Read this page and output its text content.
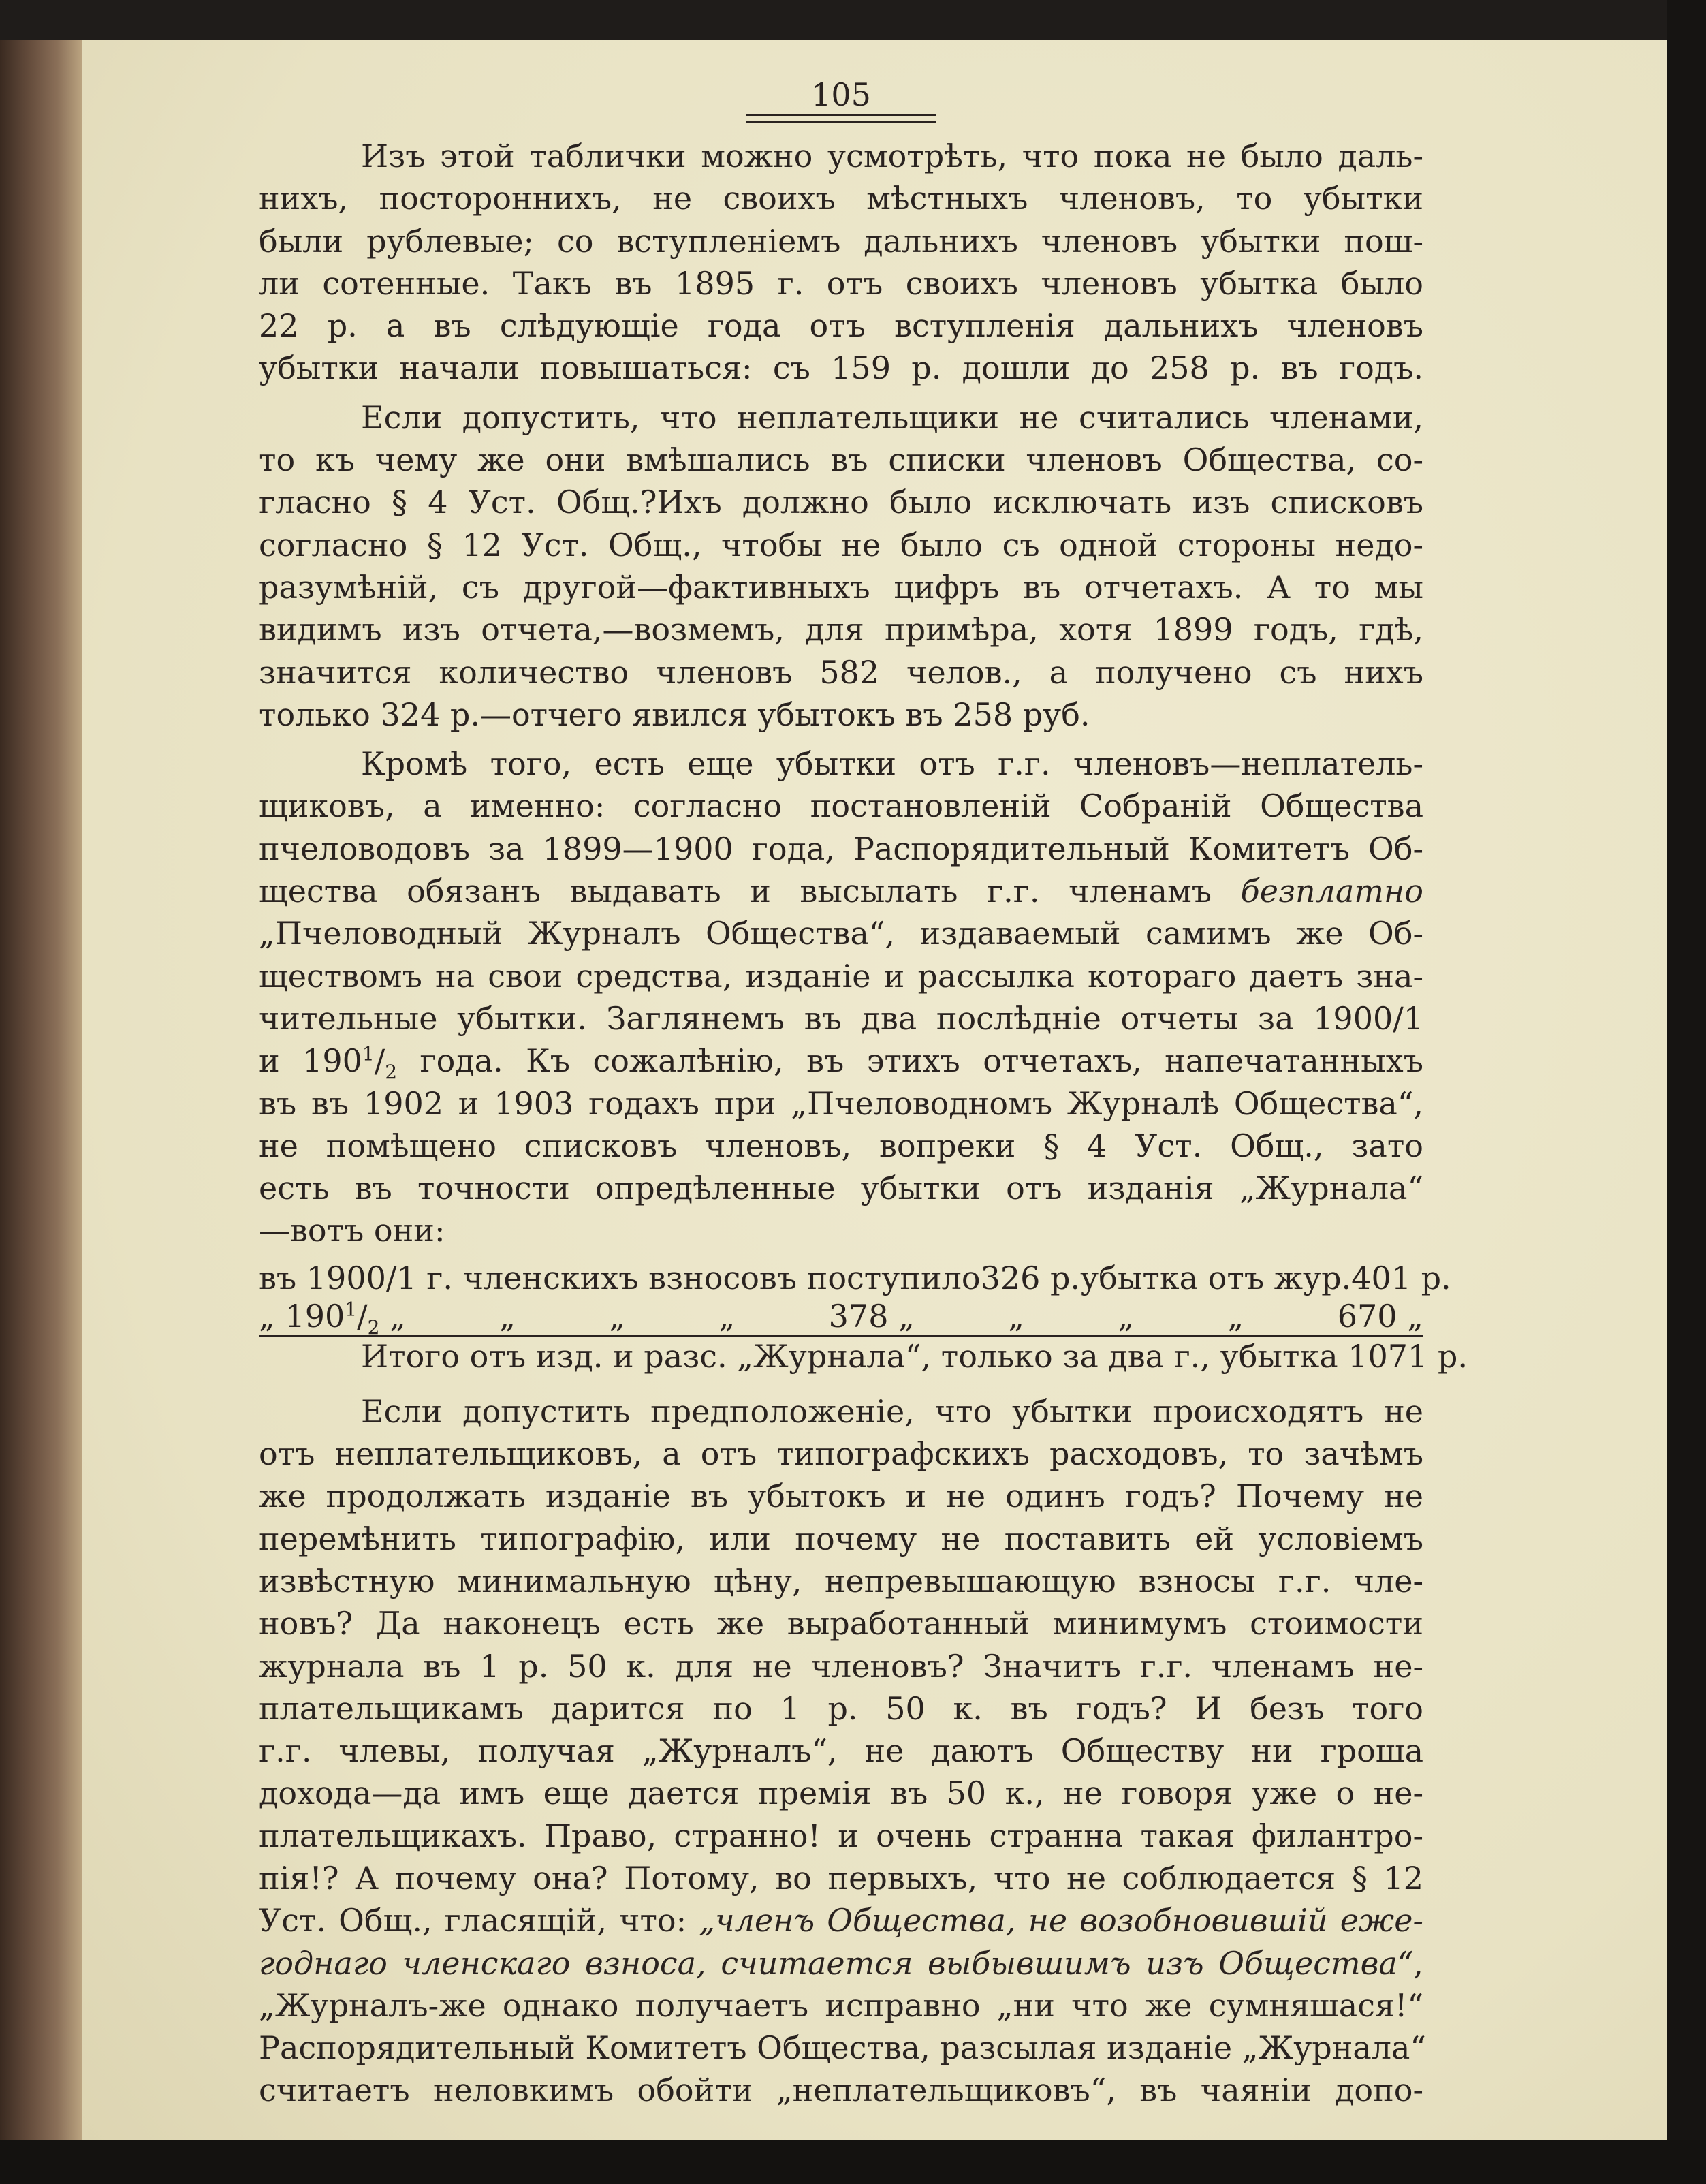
105
Изъ этой таблички можно усмотрѣть, что пока не было даль-
нихъ, постороннихъ, не своихъ мѣстныхъ членовъ, то убытки
были рублевые; со вступленіемъ дальнихъ членовъ убытки пош-
ли сотенные. Такъ въ 1895 г. отъ своихъ членовъ убытка было
22 р. а въ слѣдующіе года отъ вступленія дальнихъ членовъ
убытки начали повышаться: съ 159 р. дошли до 258 р. въ годъ.
Если допустить, что неплательщики не считались членами,
то къ чему же они вмѣшались въ списки членовъ Общества, со-
гласно § 4 Уст. Общ.?Ихъ должно было исключать изъ списковъ
согласно § 12 Уст. Общ., чтобы не было съ одной стороны недо-
разумѣній, съ другой—фактивныхъ цифръ въ отчетахъ. А то мы
видимъ изъ отчета,—возмемъ, для примѣра, хотя 1899 годъ, гдѣ,
значится количество членовъ 582 челов., а получено съ нихъ
только 324 р.—отчего явился убытокъ въ 258 руб.
Кромѣ того, есть еще убытки отъ г.г. членовъ—неплатель-
щиковъ, а именно: согласно постановленій Собраній Общества
пчеловодовъ за 1899—1900 года, Распорядительный Комитетъ Об-
щества обязанъ выдавать и высылать г.г. членамъ безплатно
„Пчеловодный Журналъ Общества“, издаваемый самимъ же Об-
ществомъ на свои средства, изданіе и рассылка котораго даетъ зна-
чительные убытки. Заглянемъ въ два послѣдніе отчеты за 1900/1
и $190^1/_2$ года. Къ сожалѣнію, въ этихъ отчетахъ, напечатанныхъ
въ въ 1902 и 1903 годахъ при „Пчеловодномъ Журналѣ Общества“,
не помѣщено списковъ членовъ, вопреки § 4 Уст. Общ., зато
есть въ точности опредѣленные убытки отъ изданія „Журнала“
—вотъ они:
въ 1900/1 г. членскихъ взносовъ поступило 326 р. убытка отъ жур. 401 р.
„ $190^1/_2$ „	„	„	„	378 „	„	„	„	670 „
Итого отъ изд. и разс. „Журнала“, только за два г., убытка 1071 р.
Если допустить предположеніе, что убытки происходятъ не
отъ неплательщиковъ, а отъ типографскихъ расходовъ, то зачѣмъ
же продолжать изданіе въ убытокъ и не одинъ годъ? Почему не
перемѣнить типографію, или почему не поставить ей условіемъ
извѣстную минимальную цѣну, непревышающую взносы г.г. чле-
новъ? Да наконецъ есть же выработанный минимумъ стоимости
журнала въ 1 р. 50 к. для не членовъ? Значитъ г.г. членамъ не-
плательщикамъ дарится по 1 р. 50 к. въ годъ? И безъ того
г.г. члевы, получая „Журналъ“, не даютъ Обществу ни гроша
дохода—да имъ еще дается премія въ 50 к., не говоря уже о не-
плательщикахъ. Право, странно! и очень странна такая филантро-
пія!? А почему она? Потому, во первыхъ, что не соблюдается § 12
Уст. Общ., гласящій, что: „членъ Общества, не возобновившій еже-
годнаго членскаго взноса, считается выбывшимъ изъ Общества“,
„Журналъ-же однако получаетъ исправно „ни что же сумняшася!“
Распорядительный Комитетъ Общества, разсылая изданіе „Журнала“
считаетъ неловкимъ обойти „неплательщиковъ“, въ чаяніи допо-
